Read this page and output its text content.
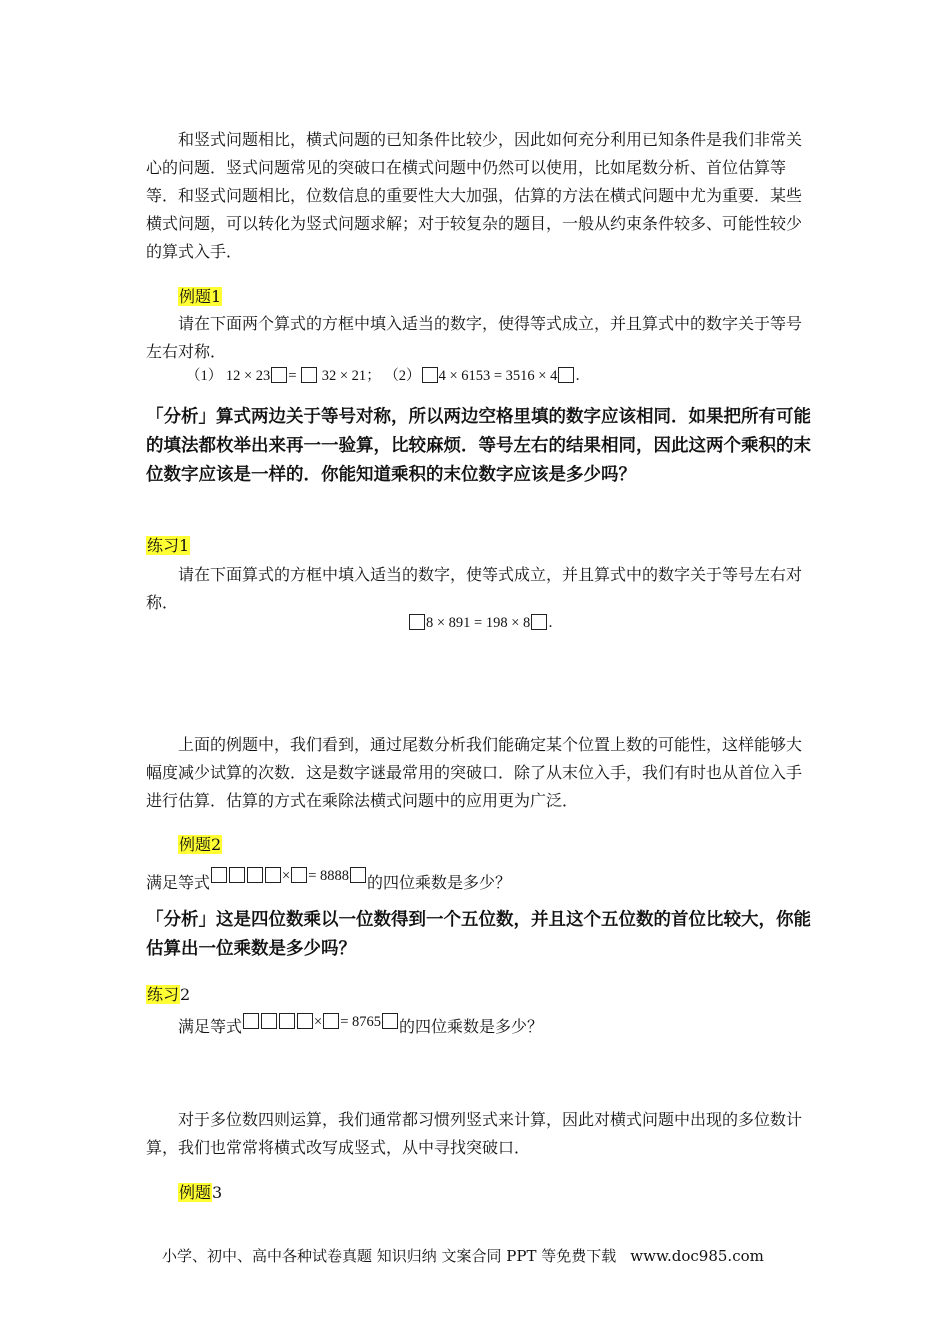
和竖式问题相比，横式问题的已知条件比较少，因此如何充分利用已知条件是我们非常关心的问题．竖式问题常见的突破口在横式问题中仍然可以使用，比如尾数分析、首位估算等等．和竖式问题相比，位数信息的重要性大大加强，估算的方法在横式问题中尤为重要．某些横式问题，可以转化为竖式问题求解；对于较复杂的题目，一般从约束条件较多、可能性较少的算式入手．
例题1
请在下面两个算式的方框中填入适当的数字，使得等式成立，并且算式中的数字关于等号左右对称．
（1） 12 × 23 = 32 × 21； （2） 4 × 6153 = 3516 × 4 ．
「分析」算式两边关于等号对称，所以两边空格里填的数字应该相同．如果把所有可能的填法都枚举出来再一一验算，比较麻烦．等号左右的结果相同，因此这两个乘积的末位数字应该是一样的．你能知道乘积的末位数字应该是多少吗？
练习1
请在下面算式的方框中填入适当的数字，使等式成立，并且算式中的数字关于等号左右对称．
8 × 891 = 198 × 8 ．
上面的例题中，我们看到，通过尾数分析我们能确定某个位置上数的可能性，这样能够大幅度减少试算的次数．这是数字谜最常用的突破口．除了从末位入手，我们有时也从首位入手进行估算．估算的方式在乘除法横式问题中的应用更为广泛．
例题2
满足等式	× = 8888 的四位乘数是多少？
「分析」这是四位数乘以一位数得到一个五位数，并且这个五位数的首位比较大，你能估算出一位乘数是多少吗？
练习2
满足等式	× = 8765 的四位乘数是多少？
对于多位数四则运算，我们通常都习惯列竖式来计算，因此对横式问题中出现的多位数计算，我们也常常将横式改写成竖式，从中寻找突破口．
例题3
小学、初中、高中各种试卷真题 知识归纳 文案合同 PPT 等免费下载 www.doc985.com
